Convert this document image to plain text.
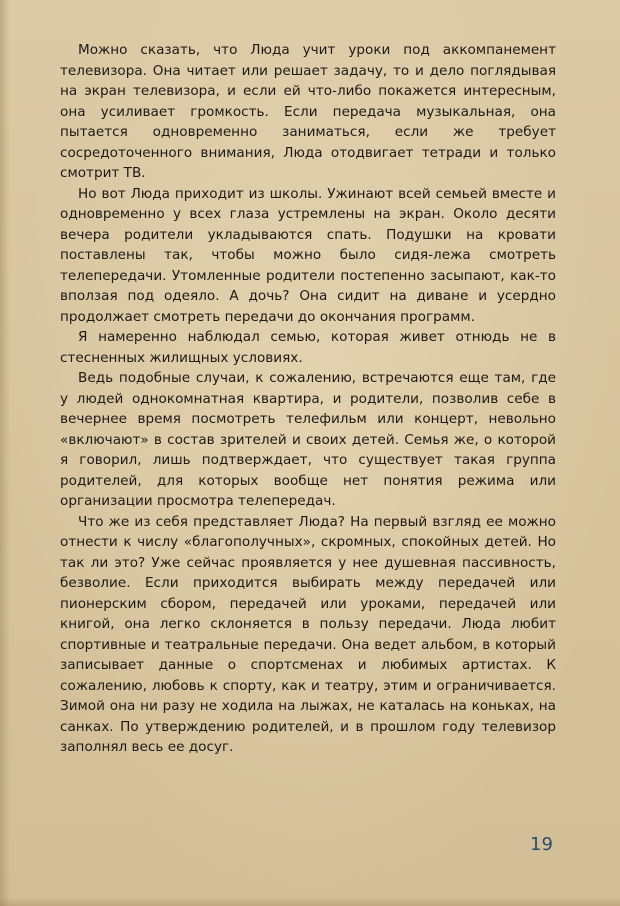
Можно сказать, что Люда учит уроки под аккомпанемент телевизора. Она читает или решает задачу, то и дело поглядывая на экран телевизора, и если ей что-либо покажется интересным, она усиливает громкость. Если передача музыкальная, она пытается одновременно заниматься, если же требует сосредоточенного внимания, Люда отодвигает тетради и только смотрит ТВ.

Но вот Люда приходит из школы. Ужинают всей семьей вместе и одновременно у всех глаза устремлены на экран. Около десяти вечера родители укладываются спать. Подушки на кровати поставлены так, чтобы можно было сидя-лежа смотреть телепередачи. Утомленные родители постепенно засыпают, как-то вползая под одеяло. А дочь? Она сидит на диване и усердно продолжает смотреть передачи до окончания программ.

Я намеренно наблюдал семью, которая живет отнюдь не в стесненных жилищных условиях.

Ведь подобные случаи, к сожалению, встречаются еще там, где у людей однокомнатная квартира, и родители, позволив себе в вечернее время посмотреть телефильм или концерт, невольно «включают» в состав зрителей и своих детей. Семья же, о которой я говорил, лишь подтверждает, что существует такая группа родителей, для которых вообще нет понятия режима или организации просмотра телепередач.

Что же из себя представляет Люда? На первый взгляд ее можно отнести к числу «благополучных», скромных, спокойных детей. Но так ли это? Уже сейчас проявляется у нее душевная пассивность, безволие. Если приходится выбирать между передачей или пионерским сбором, передачей или уроками, передачей или книгой, она легко склоняется в пользу передачи. Люда любит спортивные и театральные передачи. Она ведет альбом, в который записывает данные о спортсменах и любимых артистах. К сожалению, любовь к спорту, как и театру, этим и ограничивается. Зимой она ни разу не ходила на лыжах, не каталась на коньках, на санках. По утверждению родителей, и в прошлом году телевизор заполнял весь ее досуг.

19
